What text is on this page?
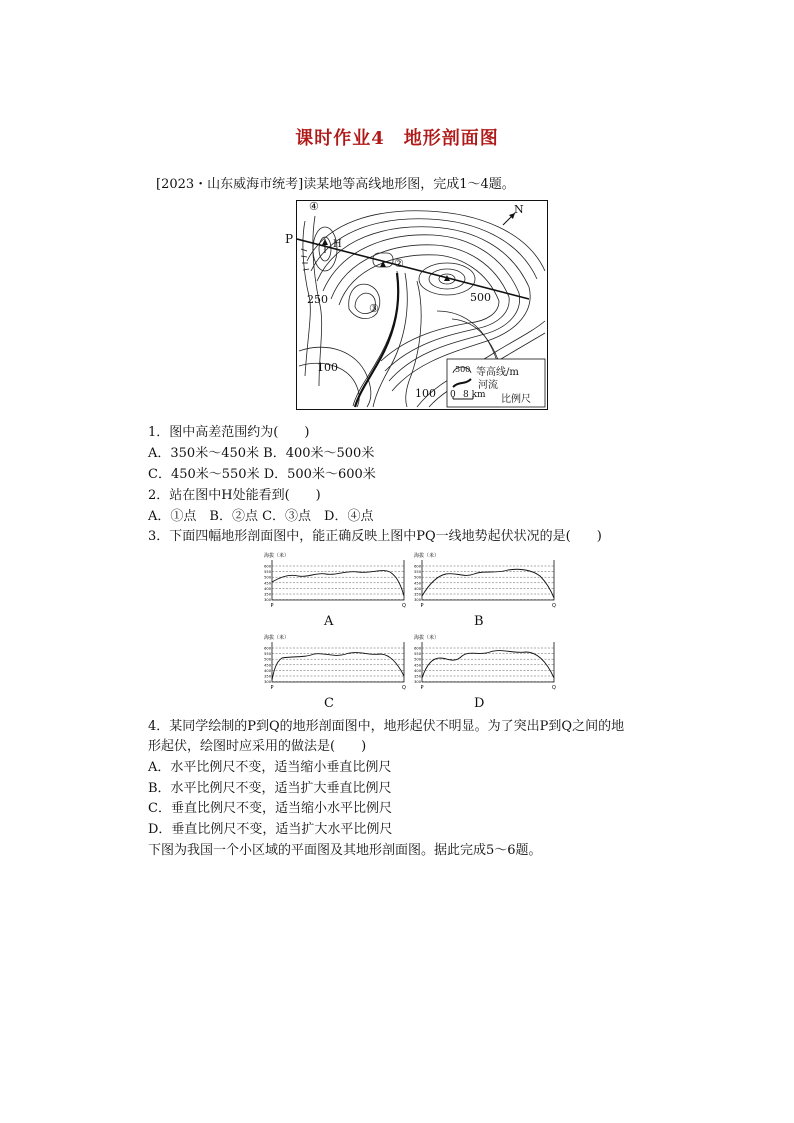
课时作业4　地形剖面图
[2023・山东威海市统考]读某地等高线地形图，完成1～4题。
P
N
④
H
②
③
250	500
100
100
500 等高线/m
河流
0 8 km 比例尺
1．图中高差范围约为(　　)
A．350米～450米 B．400米～500米
C．450米～550米 D．500米～600米
2．站在图中H处能看到(　　)
A．①点　B．②点 C．③点　D．④点
3．下面四幅地形剖面图中，能正确反映上图中PQ一线地势起伏状况的是(　　)
600
550
500
450
400
350
300
海拔（米）
P	Q
A
600
550
500
450
400
350
300
海拔（米）
P	Q
B
600
550
500
450
400
350
300
海拔（米）
P	Q
C
600
550
500
450
400
350
300
海拔（米）
P	Q
D
4．某同学绘制的P到Q的地形剖面图中，地形起伏不明显。为了突出P到Q之间的地
形起伏，绘图时应采用的做法是(　　)
A．水平比例尺不变，适当缩小垂直比例尺
B．水平比例尺不变，适当扩大垂直比例尺
C．垂直比例尺不变，适当缩小水平比例尺
D．垂直比例尺不变，适当扩大水平比例尺
下图为我国一个小区域的平面图及其地形剖面图。据此完成5～6题。
